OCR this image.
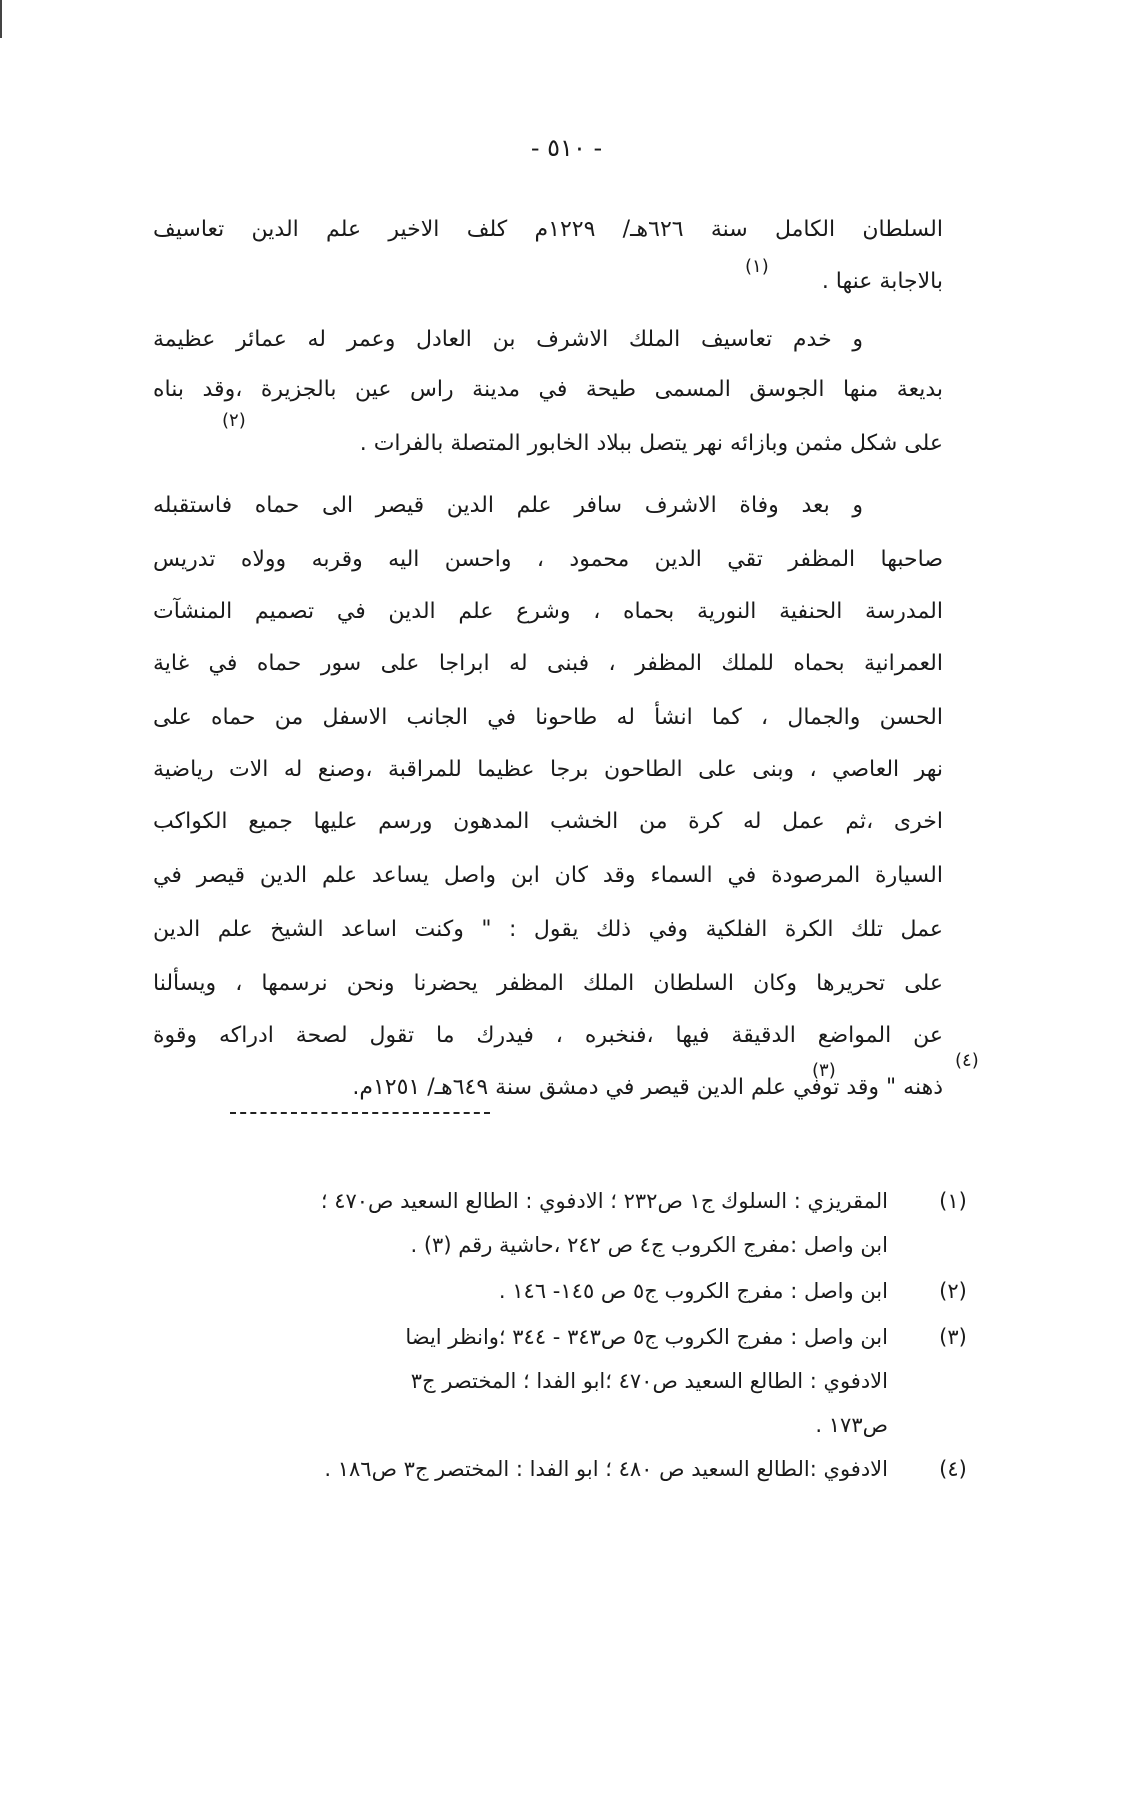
- ٥١٠ -
السلطان الكامل سنة ٦٢٦هـ/ ١٢٢٩م كلف الاخير علم الدين تعاسيف
بالاجابة عنها .
(١)
و خدم تعاسيف الملك الاشرف بن العادل وعمر له عمائر عظيمة
بديعة منها الجوسق المسمى طيحة في مدينة راس عين بالجزيرة ،وقد بناه
على شكل مثمن وبازائه نهر يتصل ببلاد الخابور المتصلة بالفرات .
(٢)
و بعد وفاة الاشرف سافر علم الدين قيصر الى حماه فاستقبله
صاحبها المظفر تقي الدين محمود ، واحسن اليه وقربه وولاه تدريس
المدرسة الحنفية النورية بحماه ، وشرع علم الدين في تصميم المنشآت
العمرانية بحماه للملك المظفر ، فبنى له ابراجا على سور حماه في غاية
الحسن والجمال ، كما انشأ له طاحونا في الجانب الاسفل من حماه على
نهر العاصي ، وبنى على الطاحون برجا عظيما للمراقبة ،وصنع له الات رياضية
اخرى ،ثم عمل له كرة من الخشب المدهون ورسم عليها جميع الكواكب
السيارة المرصودة في السماء وقد كان ابن واصل يساعد علم الدين قيصر في
عمل تلك الكرة الفلكية وفي ذلك يقول : " وكنت اساعد الشيخ علم الدين
على تحريرها وكان السلطان الملك المظفر يحضرنا ونحن نرسمها ، ويسألنا
عن المواضع الدقيقة فيها ،فنخبره ، فيدرك ما تقول لصحة ادراكه وقوة
ذهنه " وقد توفي علم الدين قيصر في دمشق سنة ٦٤٩هـ/ ١٢٥١م.
(٣)	(٤)
(١)
المقريزي : السلوك ج١ ص٢٣٢ ؛ الادفوي : الطالع السعيد ص٤٧٠ ؛
ابن واصل :مفرج الكروب ج٤ ص ٢٤٢ ،حاشية رقم (٣) .
(٢)
ابن واصل : مفرج الكروب ج٥ ص ١٤٥- ١٤٦ .
(٣)
ابن واصل : مفرج الكروب ج٥ ص٣٤٣ - ٣٤٤ ؛وانظر ايضا
الادفوي : الطالع السعيد ص٤٧٠ ؛ابو الفدا ؛ المختصر ج٣
ص١٧٣ .
(٤)
الادفوي :الطالع السعيد ص ٤٨٠ ؛ ابو الفدا : المختصر ج٣ ص١٨٦ .
